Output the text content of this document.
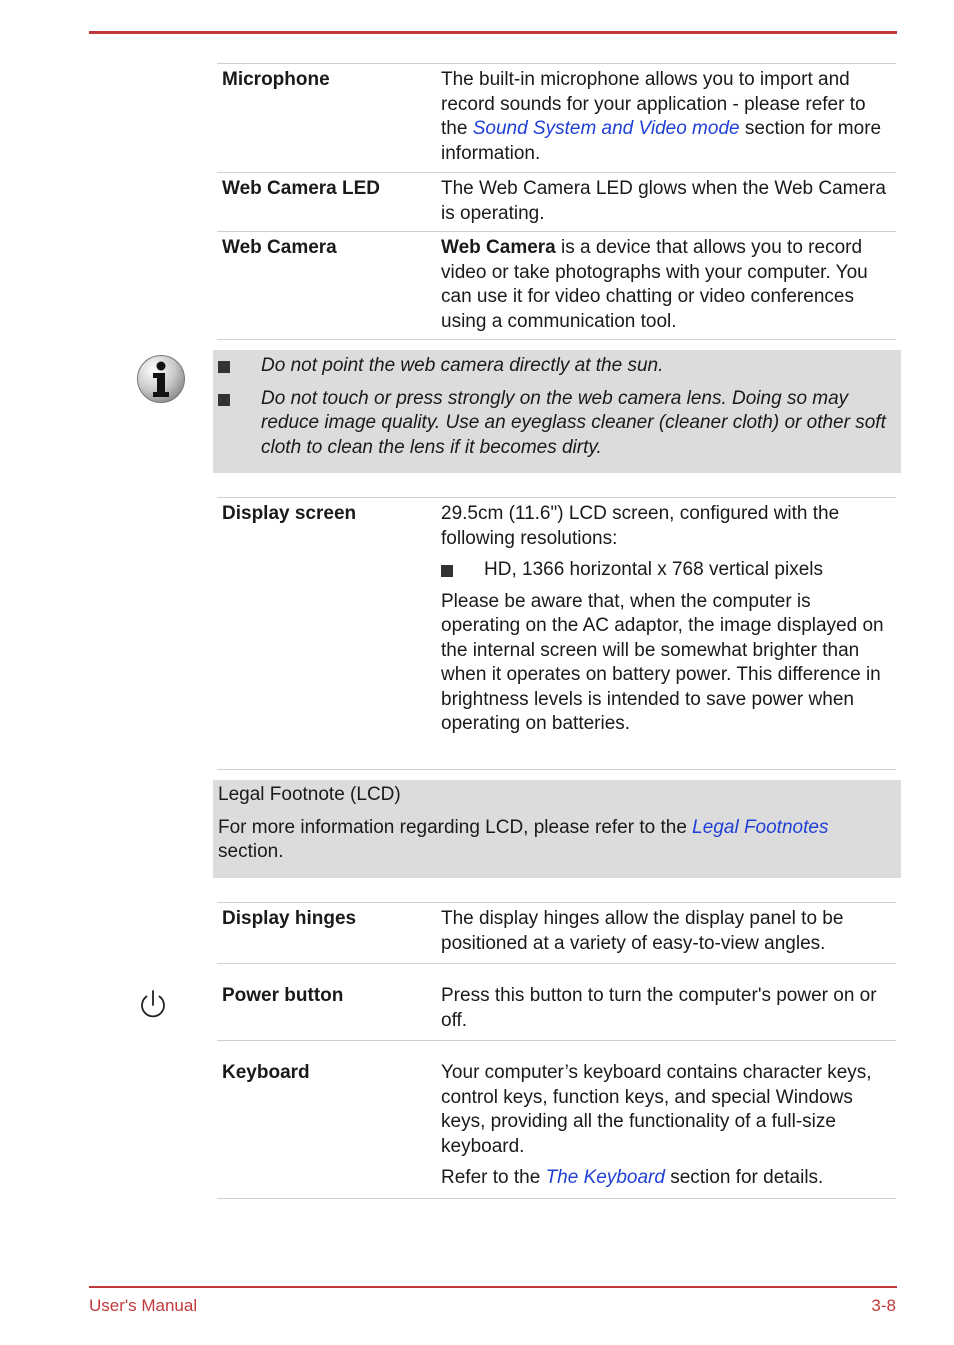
Microphone	The built-in microphone allows you to import and record sounds for your application - please refer to the Sound System and Video mode section for more information.
Web Camera LED	The Web Camera LED glows when the Web Camera is operating.
Web Camera	Web Camera is a device that allows you to record video or take photographs with your computer. You can use it for video chatting or video conferences using a communication tool.
Do not point the web camera directly at the sun.
Do not touch or press strongly on the web camera lens. Doing so may reduce image quality. Use an eyeglass cleaner (cleaner cloth) or other soft cloth to clean the lens if it becomes dirty.
Display screen	29.5cm (11.6") LCD screen, configured with the following resolutions:

HD, 1366 horizontal x 768 vertical pixels

Please be aware that, when the computer is operating on the AC adaptor, the image displayed on the internal screen will be somewhat brighter than when it operates on battery power. This difference in brightness levels is intended to save power when operating on batteries.

Legal Footnote (LCD)
For more information regarding LCD, please refer to the Legal Footnotes section.
Display hinges	The display hinges allow the display panel to be positioned at a variety of easy-to-view angles.
Power button	Press this button to turn the computer's power on or off.
Keyboard	Your computer’s keyboard contains character keys, control keys, function keys, and special Windows keys, providing all the functionality of a full-size keyboard.

Refer to the The Keyboard section for details.

User's Manual	3-8
